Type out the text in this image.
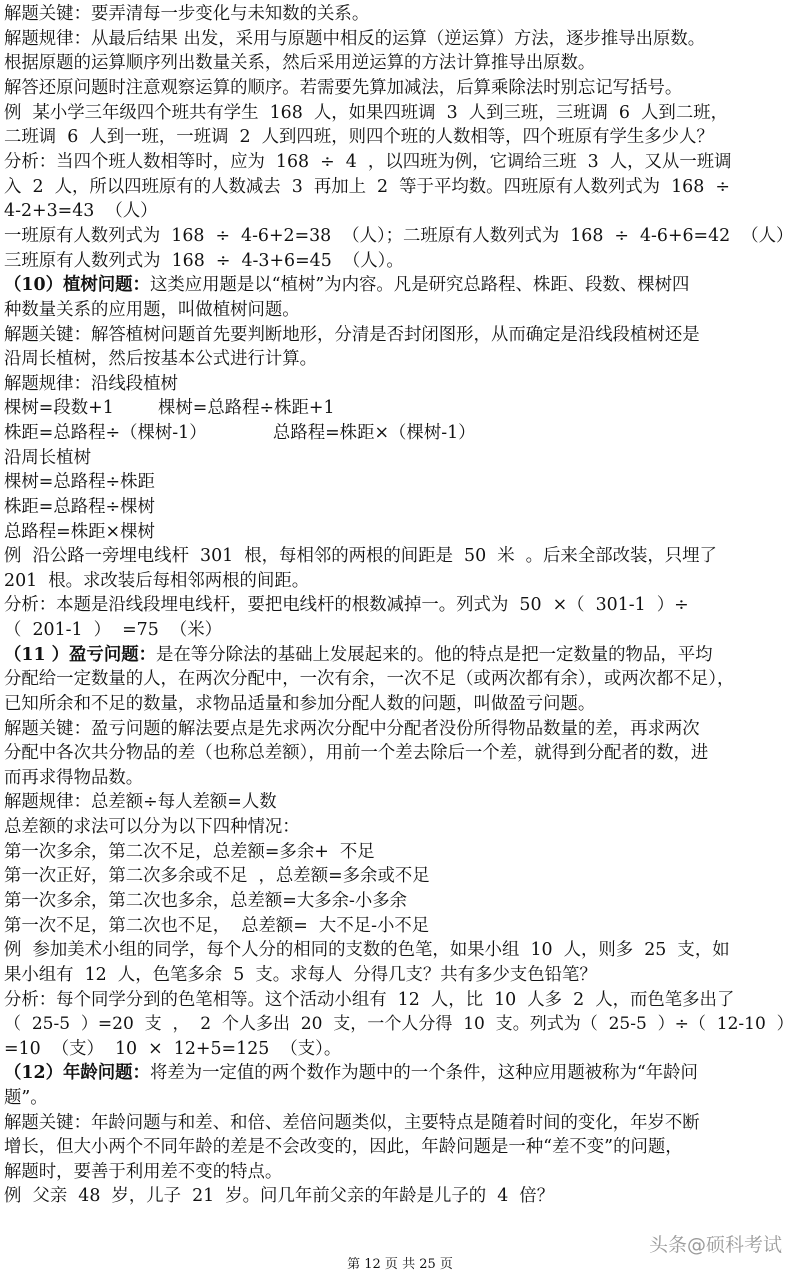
解题关键：要弄清每一步变化与未知数的关系。
解题规律：从最后结果 出发，采用与原题中相反的运算（逆运算）方法，逐步推导出原数。
根据原题的运算顺序列出数量关系，然后采用逆运算的方法计算推导出原数。
解答还原问题时注意观察运算的顺序。若需要先算加减法，后算乘除法时别忘记写括号。
例  某小学三年级四个班共有学生  168  人，如果四班调  3  人到三班，三班调  6  人到二班，
二班调  6  人到一班，一班调  2  人到四班，则四个班的人数相等，四个班原有学生多少人？
分析：当四个班人数相等时，应为  168  ÷  4  ，以四班为例，它调给三班  3  人，又从一班调
入  2  人，所以四班原有的人数减去  3  再加上  2  等于平均数。四班原有人数列式为  168  ÷
4-2+3=43  （人）
一班原有人数列式为  168  ÷  4-6+2=38  （人）；二班原有人数列式为  168  ÷  4-6+6=42  （人）
三班原有人数列式为  168  ÷  4-3+6=45  （人）。
（10）植树问题：这类应用题是以“植树”为内容。凡是研究总路程、株距、段数、棵树四
种数量关系的应用题，叫做植树问题。
解题关键：解答植树问题首先要判断地形，分清是否封闭图形，从而确定是沿线段植树还是
沿周长植树，然后按基本公式进行计算。
解题规律：沿线段植树
棵树=段数+1        棵树=总路程÷株距+1
株距=总路程÷（棵树-1）            总路程=株距×（棵树-1）
沿周长植树
棵树=总路程÷株距
株距=总路程÷棵树
总路程=株距×棵树
例  沿公路一旁埋电线杆  301  根，每相邻的两根的间距是  50  米  。后来全部改装，只埋了
201  根。求改装后每相邻两根的间距。
分析：本题是沿线段埋电线杆，要把电线杆的根数减掉一。列式为  50  ×（  301-1  ）÷
（  201-1  ）  =75  （米）
（11 ）盈亏问题：是在等分除法的基础上发展起来的。他的特点是把一定数量的物品，平均
分配给一定数量的人，在两次分配中，一次有余，一次不足（或两次都有余），或两次都不足），
已知所余和不足的数量，求物品适量和参加分配人数的问题，叫做盈亏问题。
解题关键：盈亏问题的解法要点是先求两次分配中分配者没份所得物品数量的差，再求两次
分配中各次共分物品的差（也称总差额），用前一个差去除后一个差，就得到分配者的数，进
而再求得物品数。
解题规律：总差额÷每人差额=人数
总差额的求法可以分为以下四种情况：
第一次多余，第二次不足，总差额=多余+  不足
第一次正好，第二次多余或不足  ，总差额=多余或不足
第一次多余，第二次也多余，总差额=大多余-小多余
第一次不足，第二次也不足，  总差额=  大不足-小不足
例  参加美术小组的同学，每个人分的相同的支数的色笔，如果小组  10  人，则多  25  支，如
果小组有  12  人，色笔多余  5  支。求每人  分得几支？共有多少支色铅笔？
分析：每个同学分到的色笔相等。这个活动小组有  12  人，比  10  人多  2  人，而色笔多出了
（  25-5  ）=20  支  ，  2  个人多出  20  支，一个人分得  10  支。列式为（  25-5  ）÷（  12-10  ）
=10  （支）  10  ×  12+5=125  （支）。
（12）年龄问题：将差为一定值的两个数作为题中的一个条件，这种应用题被称为“年龄问
题”。
解题关键：年龄问题与和差、和倍、差倍问题类似，主要特点是随着时间的变化，年岁不断
增长，但大小两个不同年龄的差是不会改变的，因此，年龄问题是一种“差不变”的问题，
解题时，要善于利用差不变的特点。
例  父亲  48  岁，儿子  21  岁。问几年前父亲的年龄是儿子的  4  倍？
第 12 页 共 25 页
头条@硕科考试
